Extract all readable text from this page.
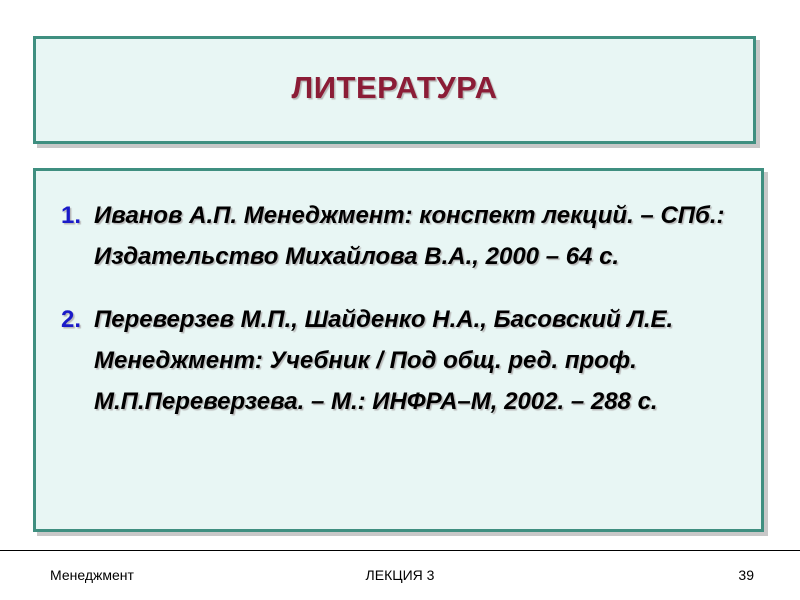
ЛИТЕРАТУРА
1. Иванов А.П. Менеджмент: конспект лекций. – СПб.: Издательство Михайлова В.А., 2000 – 64 с.
2. Переверзев М.П., Шайденко Н.А., Басовский Л.Е. Менеджмент: Учебник / Под общ. ред. проф. М.П.Переверзева. – М.: ИНФРА–М, 2002. – 288 с.
Менеджмент	ЛЕКЦИЯ 3	39
